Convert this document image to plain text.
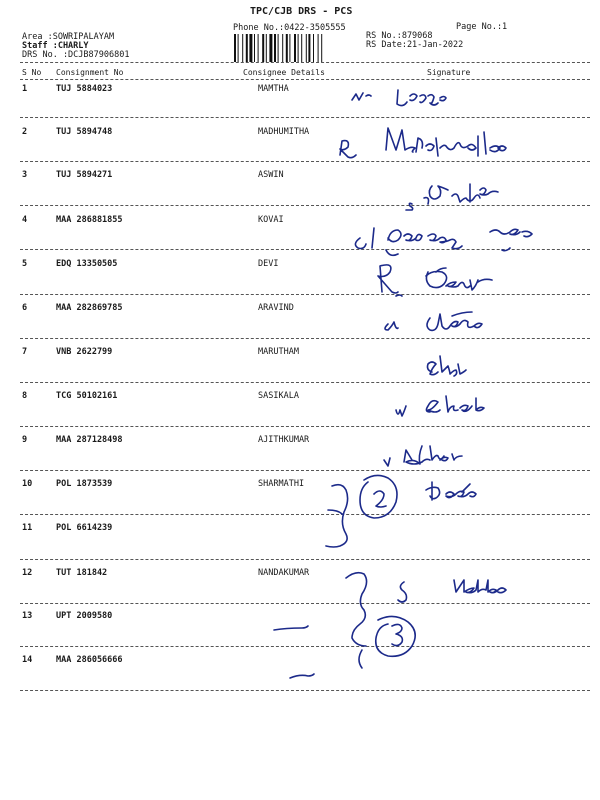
TPC/CJB DRS - PCS
Phone No.:0422-3505555	Page No.:1
Area :SOWRIPALAYAM
Staff :CHARLY
DRS No. :DCJB87906801
RS No.:879068
RS Date:21-Jan-2022
S No Consignment No	Consignee Details	Signature
1	TUJ 5884023	MAMTHA
2	TUJ 5894748	MADHUMITHA
3	TUJ 5894271	ASWIN
4	MAA 286881855	KOVAI
5	EDQ 13350505	DEVI
6	MAA 282869785	ARAVIND
7	VNB 2622799	MARUTHAM
8	TCG 50102161	SASIKALA
9	MAA 287128498	AJITHKUMAR
10	POL 1873539	SHARMATHI
11	POL 6614239
12	TUT 181842	NANDAKUMAR
13	UPT 2009580
14	MAA 286056666
